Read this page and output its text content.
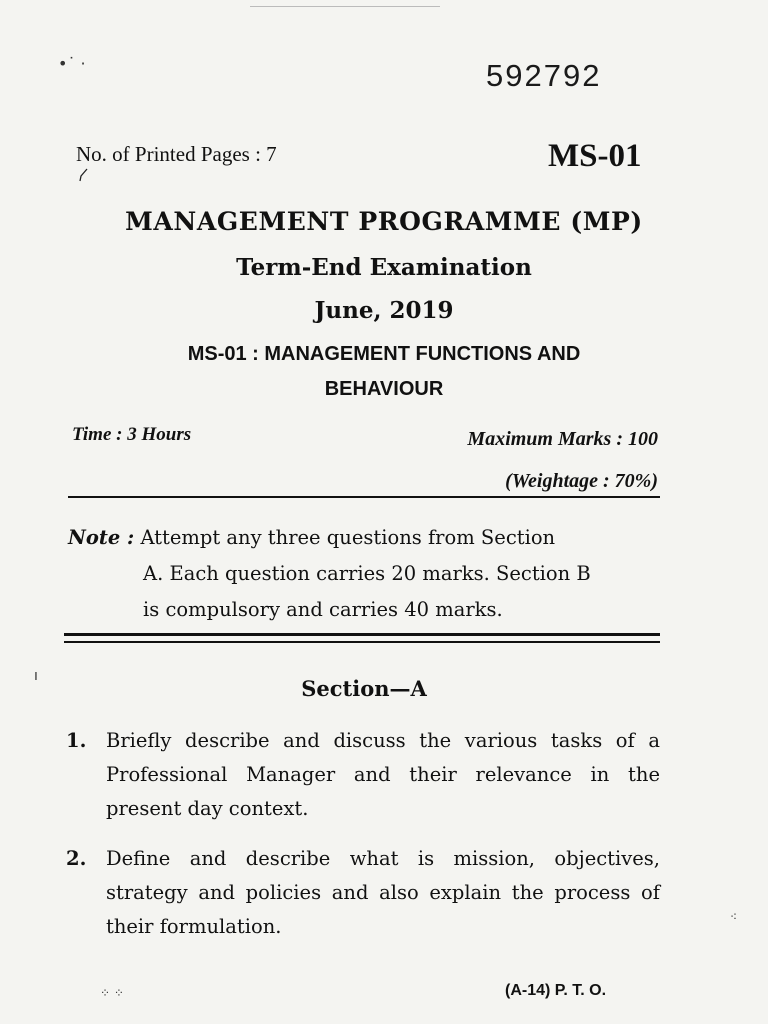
•˙ ·	592792
No. of Printed Pages : 7	MS-01
MANAGEMENT PROGRAMME (MP)
Term-End Examination
June, 2019
MS-01 : MANAGEMENT FUNCTIONS AND
BEHAVIOUR
Time : 3 Hours	Maximum Marks : 100
(Weightage : 70%)
Note : Attempt any three questions from Section
A. Each question carries 20 marks. Section B
is compulsory and carries 40 marks.
ı	Section—A
1. Briefly describe and discuss the various tasks of a Professional Manager and their relevance in the present day context.
2. Define and describe what is mission, objectives, strategy and policies and also explain the process of their formulation.	⁖
⁘ ⁘	(A-14) P. T. O.
